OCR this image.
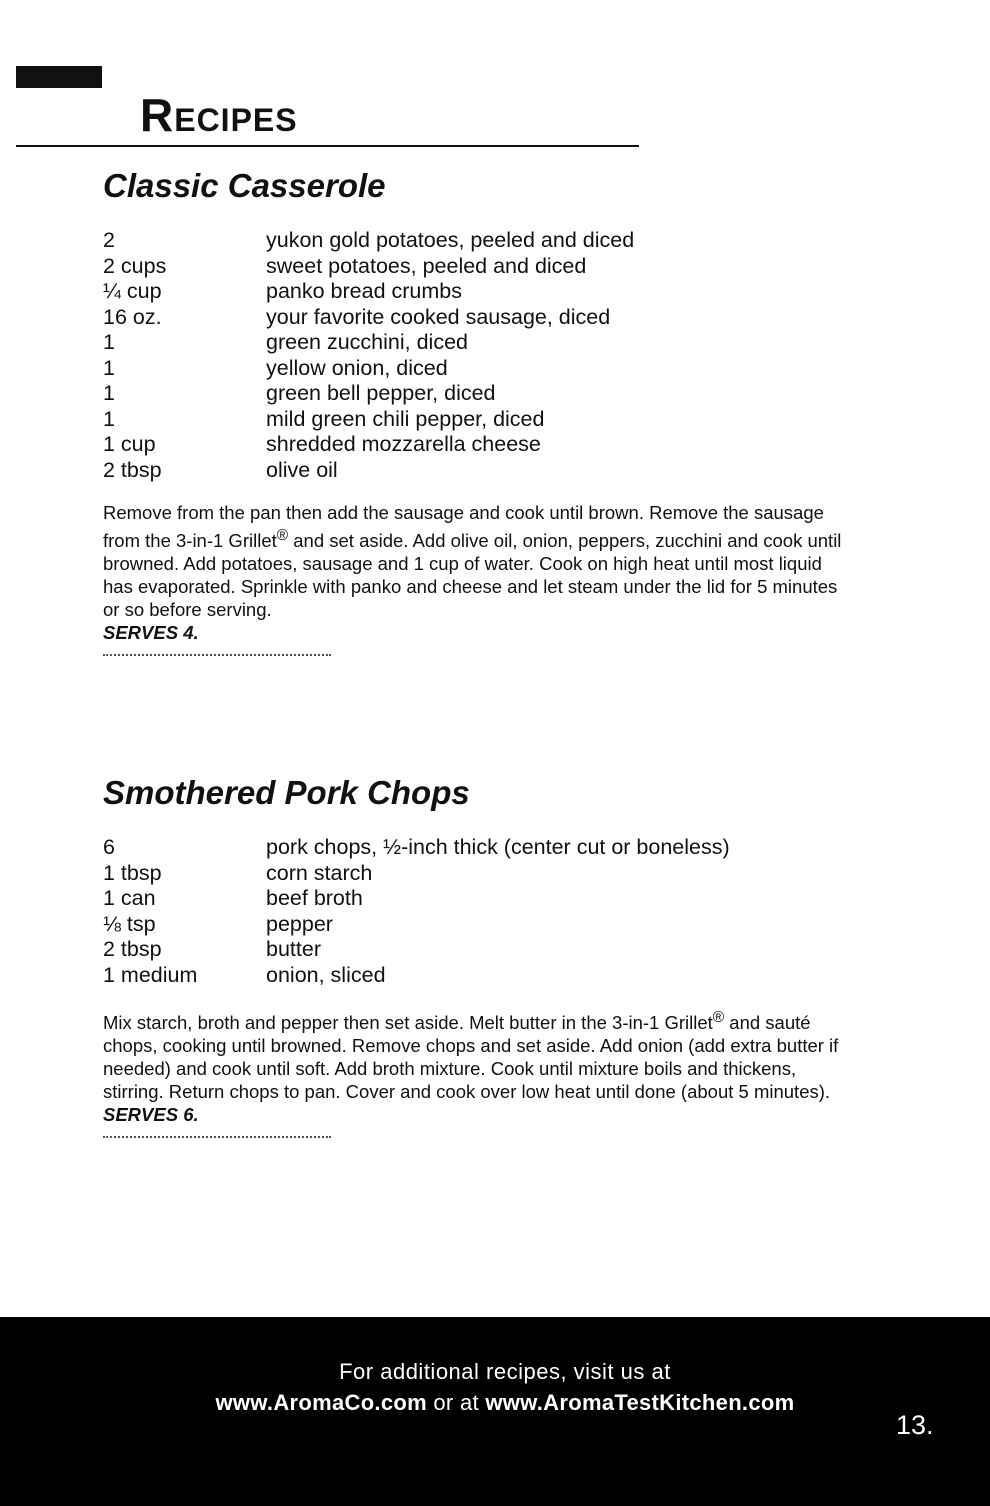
Recipes
Classic Casserole
2	yukon gold potatoes, peeled and diced
2 cups	sweet potatoes, peeled and diced
¼ cup	panko bread crumbs
16 oz.	your favorite cooked sausage, diced
1	green zucchini, diced
1	yellow onion, diced
1	green bell pepper, diced
1	mild green chili pepper, diced
1 cup	shredded mozzarella cheese
2 tbsp	olive oil

Remove from the pan then add the sausage and cook until brown. Remove the sausage from the 3-in-1 Grillet® and set aside. Add olive oil, onion, peppers, zucchini and cook until browned. Add potatoes, sausage and 1 cup of water. Cook on high heat until most liquid has evaporated. Sprinkle with panko and cheese and let steam under the lid for 5 minutes or so before serving.

SERVES 4.

Smothered Pork Chops
6	pork chops, ½-inch thick (center cut or boneless)
1 tbsp	corn starch
1 can	beef broth
⅛ tsp	pepper
2 tbsp	butter
1 medium	onion, sliced

Mix starch, broth and pepper then set aside. Melt butter in the 3-in-1 Grillet® and sauté chops, cooking until browned. Remove chops and set aside. Add onion (add extra butter if needed) and cook until soft. Add broth mixture. Cook until mixture boils and thickens, stirring. Return chops to pan. Cover and cook over low heat until done (about 5 minutes).

SERVES 6.

For additional recipes, visit us at
www.AromaCo.com or at www.AromaTestKitchen.com
13.
